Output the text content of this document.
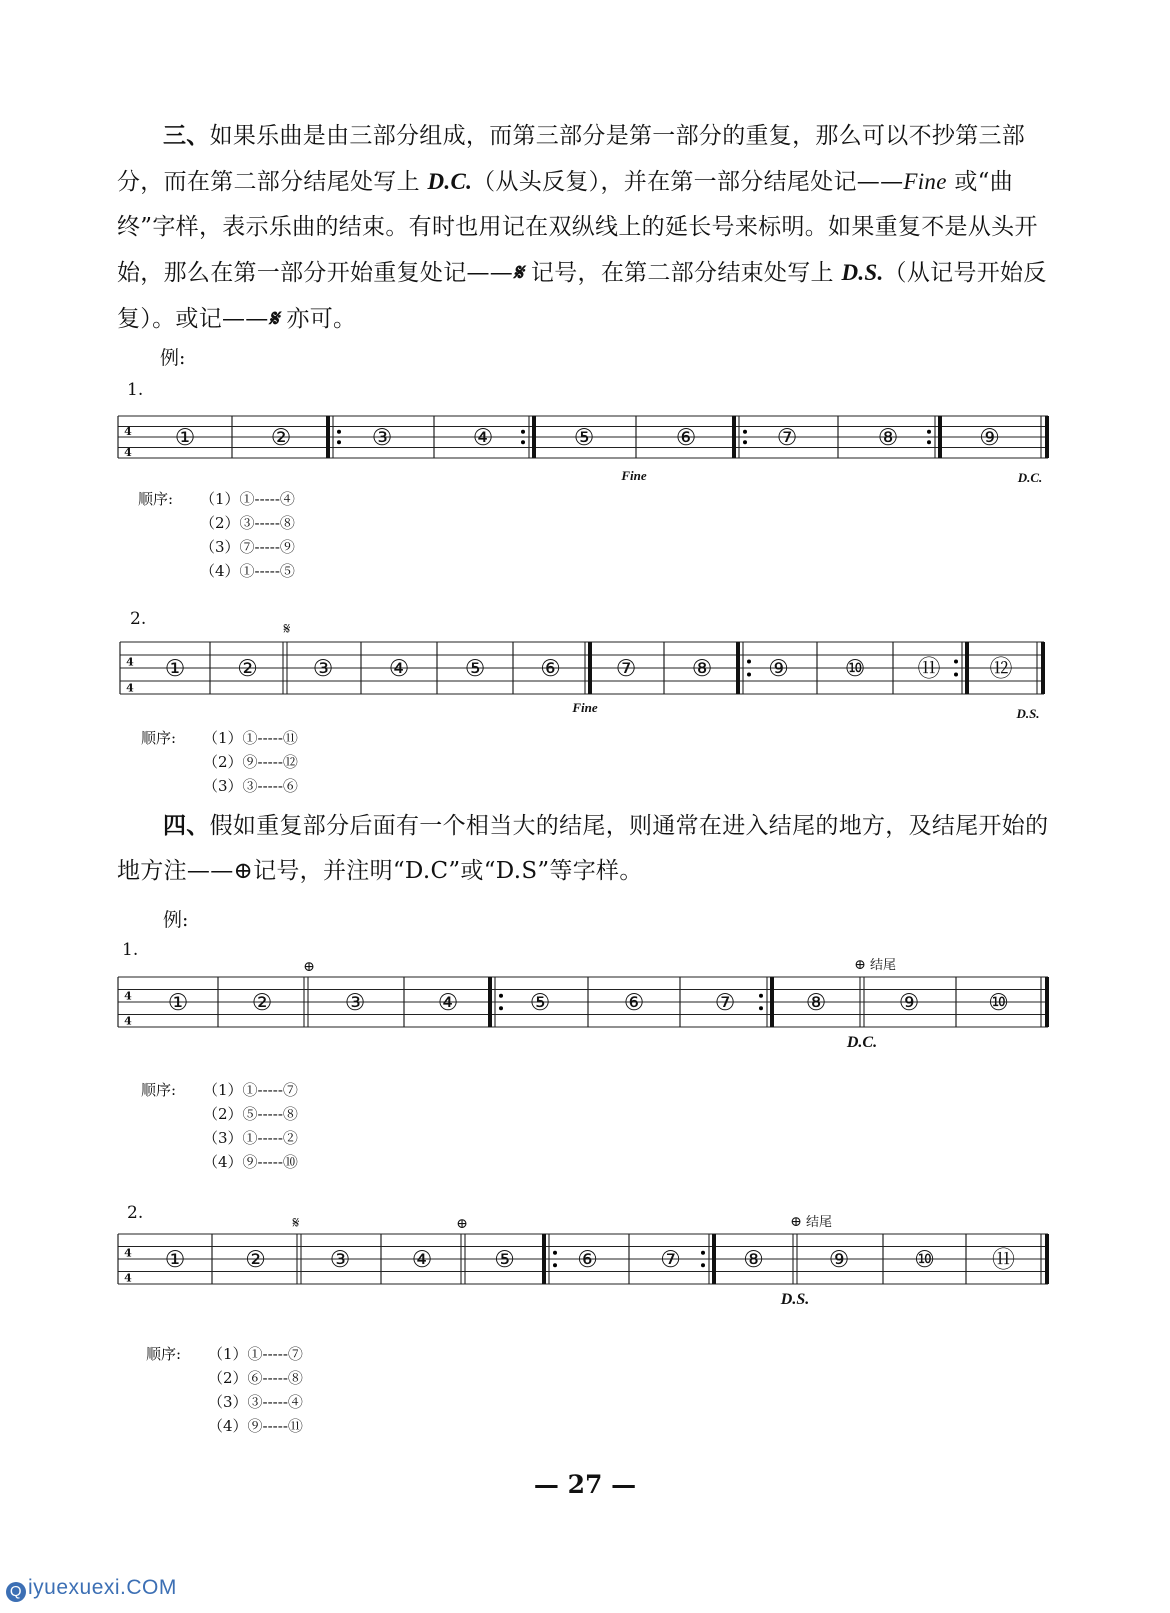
三、如果乐曲是由三部分组成，而第三部分是第一部分的重复，那么可以不抄第三部分，而在第二部分结尾处写上 D.C.（从头反复），并在第一部分结尾处记——Fine 或“曲终”字样，表示乐曲的结束。有时也用记在双纵线上的延长号来标明。如果重复不是从头开始，那么在第一部分开始重复处记——𝄋 记号，在第二部分结束处写上 D.S.（从记号开始反复）。或记——𝄋 亦可。

例:
1.
4
4
①	②	③	④	⑤	⑥	⑦	⑧	⑨
Fine	D.C.
顺序: （1）①-----④
（2）③-----⑧
（3）⑦-----⑨
（4）①-----⑤
2.
4
4
① ② ③ ④ ⑤ ⑥ ⑦ ⑧ ⑨ ⑩ ⑪ ⑫
Fine	D.S.
𝄋
顺序: （1）①-----⑪
（2）⑨-----⑫
（3）③-----⑥

四、假如重复部分后面有一个相当大的结尾，则通常在进入结尾的地方，及结尾开始的地方注——⊕记号，并注明“D.C”或“D.S”等字样。

例:
1.
4
4
①	②	③	④	⑤	⑥	⑦	⑧	⑨	⑩
D.C.
⊕	⊕ 结尾
顺序: （1）①-----⑦
（2）⑤-----⑧
（3）①-----②
（4）⑨-----⑩
2.
4
4
①	②	③	④	⑤	⑥	⑦	⑧	⑨	⑩ ⑪
D.S.
𝄋	⊕	⊕ 结尾
顺序: （1）①-----⑦
（2）⑥-----⑧
（3）③-----④
（4）⑨-----⑪
— 27 —
Q iyuexuexi.COM
